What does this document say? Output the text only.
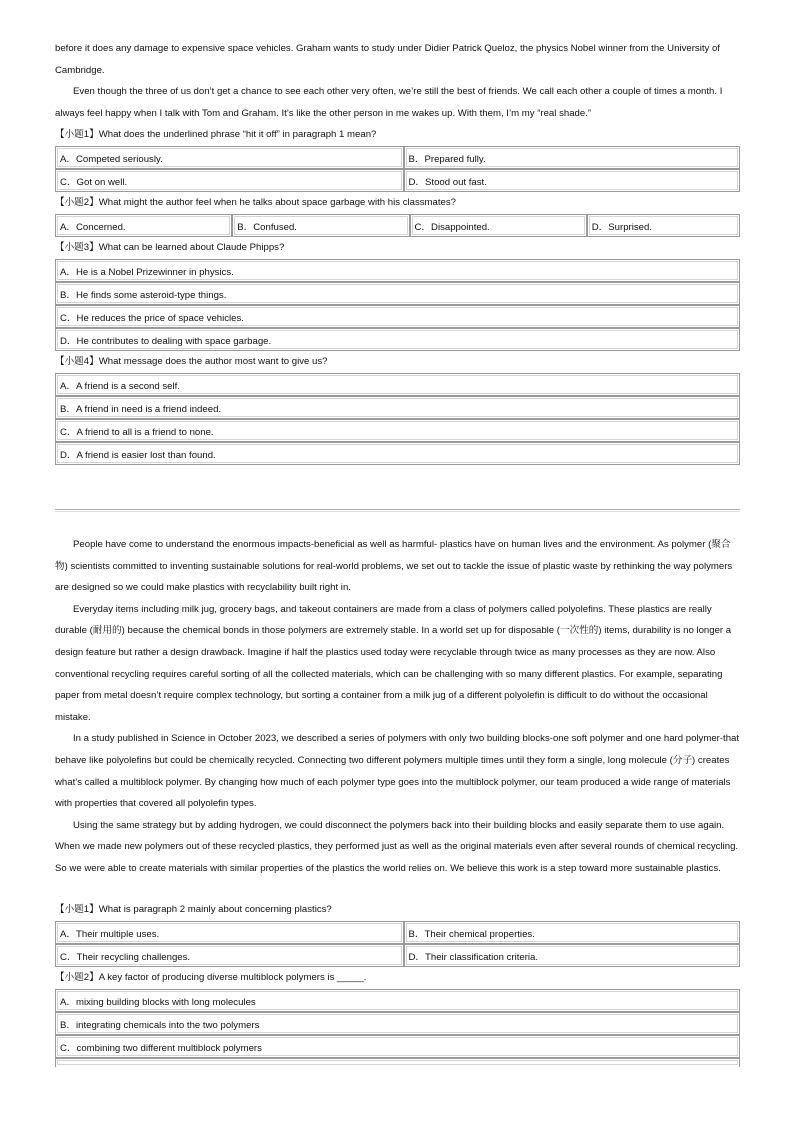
before it does any damage to expensive space vehicles. Graham wants to study under Didier Patrick Queloz, the physics Nobel winner from the University of Cambridge.

Even though the three of us don’t get a chance to see each other very often, we’re still the best of friends. We call each other a couple of times a month. I always feel happy when I talk with Tom and Graham. It’s like the other person in me wakes up. With them, I’m my “real shade.”

【小题1】What does the underlined phrase “hit it off” in paragraph 1 mean?
A．Competed seriously.	B．Prepared fully.
C．Got on well.	D．Stood out fast.
【小题2】What might the author feel when he talks about space garbage with his classmates?
A．Concerned.	B．Confused.	C．Disappointed.	D．Surprised.
【小题3】What can be learned about Claude Phipps?
A．He is a Nobel Prizewinner in physics.
B．He finds some asteroid-type things.
C．He reduces the price of space vehicles.
D．He contributes to dealing with space garbage.
【小题4】What message does the author most want to give us?
A．A friend is a second self.
B．A friend in need is a friend indeed.
C．A friend to all is a friend to none.
D．A friend is easier lost than found.

People have come to understand the enormous impacts-beneficial as well as harmful- plastics have on human lives and the environment. As polymer (聚合物) scientists committed to inventing sustainable solutions for real-world problems, we set out to tackle the issue of plastic waste by rethinking the way polymers are designed so we could make plastics with recyclability built right in.

Everyday items including milk jug, grocery bags, and takeout containers are made from a class of polymers called polyolefins. These plastics are really durable (耐用的) because the chemical bonds in those polymers are extremely stable. In a world set up for disposable (一次性的) items, durability is no longer a design feature but rather a design drawback. Imagine if half the plastics used today were recyclable through twice as many processes as they are now. Also conventional recycling requires careful sorting of all the collected materials, which can be challenging with so many different plastics. For example, separating paper from metal doesn’t require complex technology, but sorting a container from a milk jug of a different polyolefin is difficult to do without the occasional mistake.

In a study published in Science in October 2023, we described a series of polymers with only two building blocks-one soft polymer and one hard polymer-that behave like polyolefins but could be chemically recycled. Connecting two different polymers multiple times until they form a single, long molecule (分子) creates what’s called a multiblock polymer. By changing how much of each polymer type goes into the multiblock polymer, our team produced a wide range of materials with properties that covered all polyolefin types.

Using the same strategy but by adding hydrogen, we could disconnect the polymers back into their building blocks and easily separate them to use again. When we made new polymers out of these recycled plastics, they performed just as well as the original materials even after several rounds of chemical recycling. So we were able to create materials with similar properties of the plastics the world relies on. We believe this work is a step toward more sustainable plastics.

【小题1】What is paragraph 2 mainly about concerning plastics?
A．Their multiple uses.	B．Their chemical properties.
C．Their recycling challenges.	D．Their classification criteria.
【小题2】A key factor of producing diverse multiblock polymers is _____.
A．mixing building blocks with long molecules
B．integrating chemicals into the two polymers
C．combining two different multiblock polymers
